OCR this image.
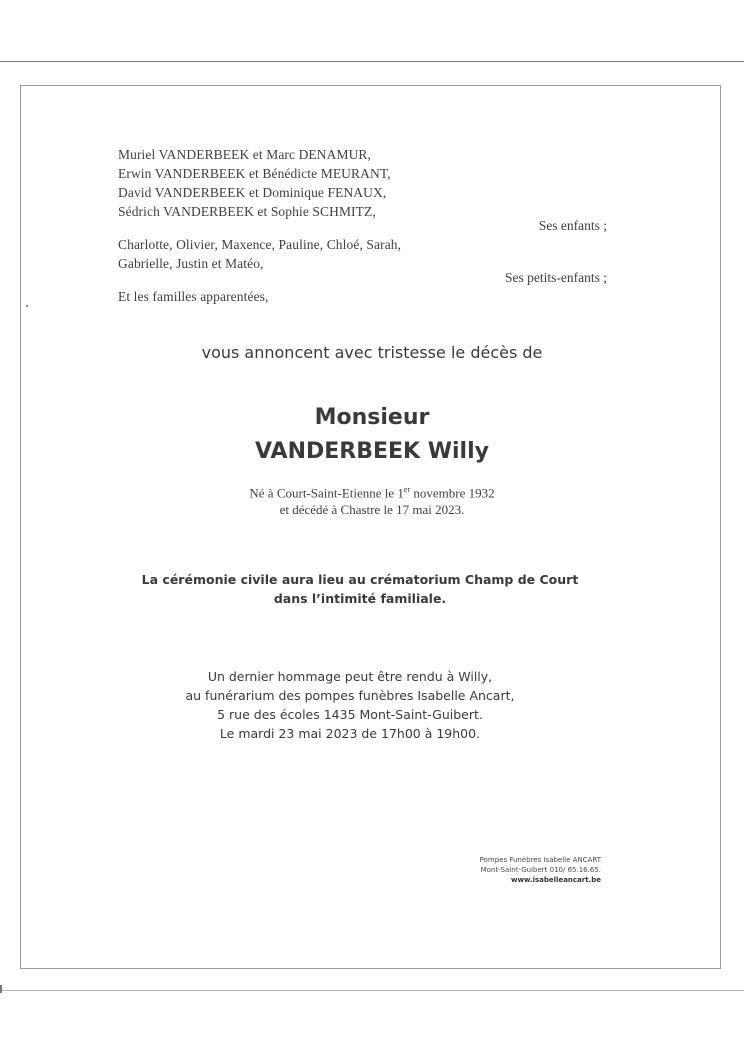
Muriel VANDERBEEK et Marc DENAMUR,
Erwin VANDERBEEK et Bénédicte MEURANT,
David VANDERBEEK et Dominique FENAUX,
Sédrich VANDERBEEK et Sophie SCHMITZ,
Ses enfants ;
Charlotte, Olivier, Maxence, Pauline, Chloé, Sarah,
Gabrielle, Justin et Matéo,
Ses petits-enfants ;
Et les familles apparentées,
vous annoncent avec tristesse le décès de
Monsieur
VANDERBEEK Willy
Né à Court-Saint-Etienne le 1er novembre 1932
et décédé à Chastre le 17 mai 2023.
La cérémonie civile aura lieu au crématorium Champ de Court
dans l’intimité familiale.
Un dernier hommage peut être rendu à Willy,
au funérarium des pompes funèbres Isabelle Ancart,
5 rue des écoles 1435 Mont-Saint-Guibert.
Le mardi 23 mai 2023 de 17h00 à 19h00.
Pompes Funèbres Isabelle ANCART
Mont-Saint-Guibert 010/ 65.16.65.
www.isabelleancart.be
